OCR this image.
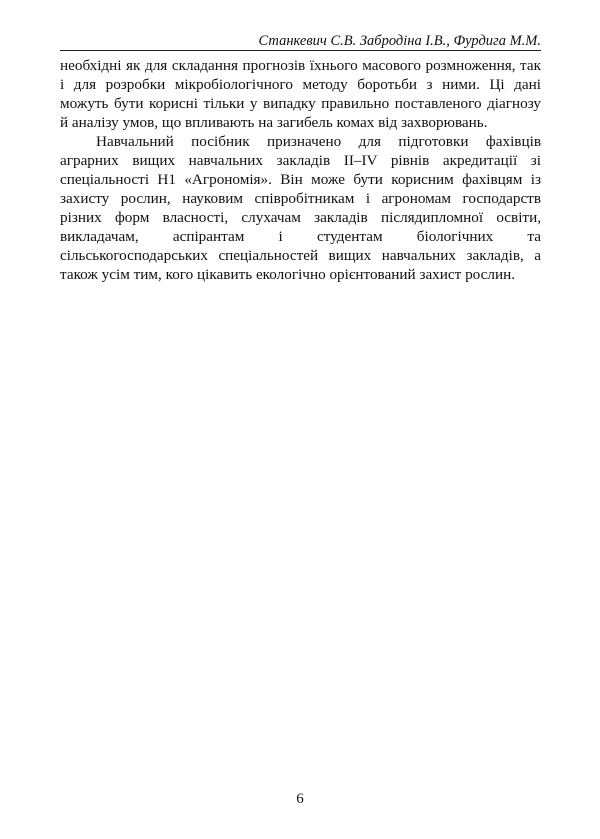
Станкевич С.В. Забродіна І.В., Фурдига М.М.
необхідні як для складання прогнозів їхнього масового розмноження, так
і для розробки мікробіологічного методу боротьби з ними. Ці дані
можуть бути корисні тільки у випадку правильно поставленого діагнозу
й аналізу умов, що впливають на загибель комах від захворювань.
Навчальний посібник призначено для підготовки фахівців
аграрних вищих навчальних закладів II–IV рівнів акредитації зі
спеціальності Н1 «Агрономія». Він може бути корисним фахівцям із
захисту рослин, науковим співробітникам і агрономам господарств
різних форм власності, слухачам закладів післядипломної освіти,
викладачам, аспірантам і студентам біологічних та
сільськогосподарських спеціальностей вищих навчальних закладів, а
також усім тим, кого цікавить екологічно орієнтований захист рослин.
6
